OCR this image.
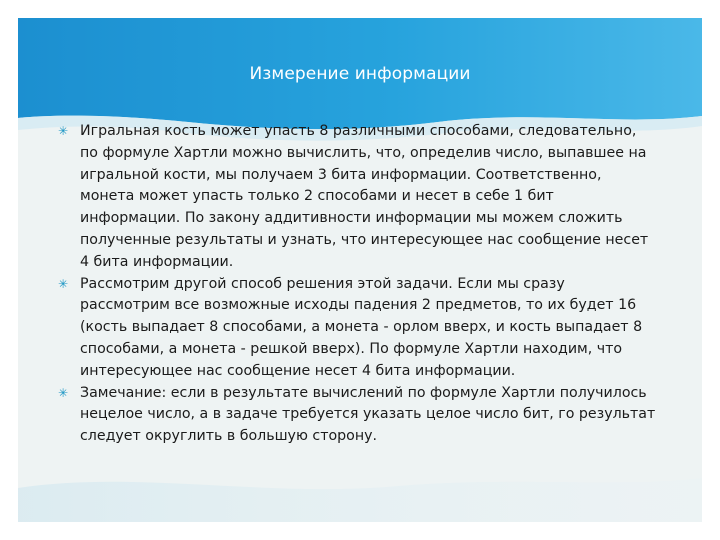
Измерение информации

✳ Игральная кость может упасть 8 различными способами, следовательно, по формуле Хартли можно вычислить, что, определив число, выпавшее на игральной кости, мы получаем 3 бита информации. Соответственно, монета может упасть только 2 способами и несет в себе 1 бит информации. По закону аддитивности информации мы можем сложить полученные результаты и узнать, что интересующее нас сообщение несет 4 бита информации.

✳ Рассмотрим другой способ решения этой задачи. Если мы сразу рассмотрим все возможные исходы падения 2 предметов, то их будет 16 (кость выпадает 8 способами, а монета - орлом вверх, и кость выпадает 8 способами, а монета - решкой вверх). По формуле Хартли находим, что интересующее нас сообщение несет 4 бита информации.

✳ Замечание: если в результате вычислений по формуле Хартли получилось нецелое число, а в задаче требуется указать целое число бит, го результат следует округлить в большую сторону.
